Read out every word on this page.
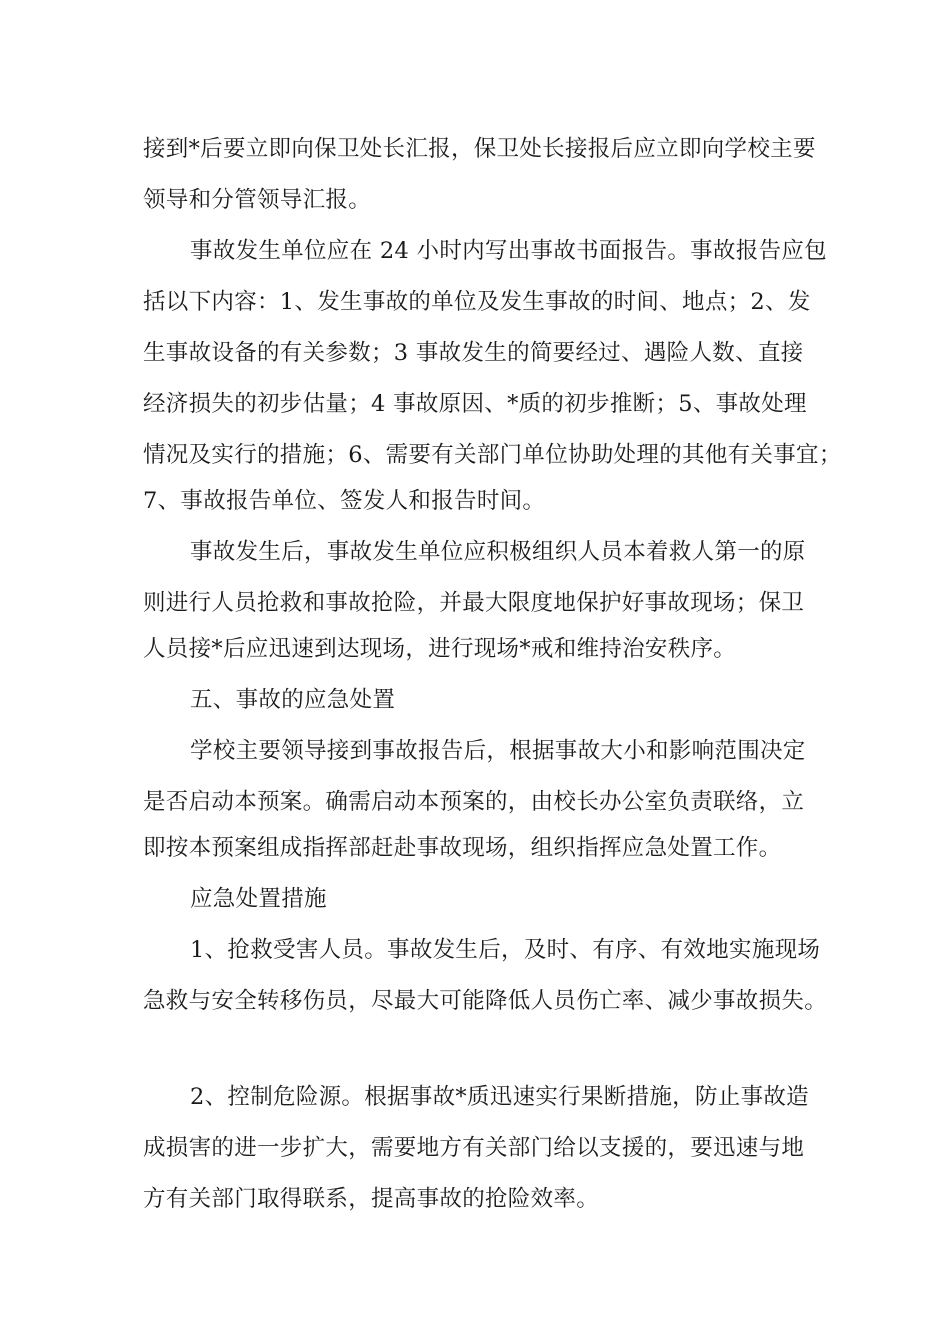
接到*后要立即向保卫处长汇报，保卫处长接报后应立即向学校主要
领导和分管领导汇报。
事故发生单位应在 24 小时内写出事故书面报告。事故报告应包
括以下内容：1、发生事故的单位及发生事故的时间、地点；2、发
生事故设备的有关参数；3 事故发生的简要经过、遇险人数、直接
经济损失的初步估量；4 事故原因、*质的初步推断；5、事故处理
情况及实行的措施；6、需要有关部门单位协助处理的其他有关事宜；
7、事故报告单位、签发人和报告时间。
事故发生后，事故发生单位应积极组织人员本着救人第一的原
则进行人员抢救和事故抢险，并最大限度地保护好事故现场；保卫
人员接*后应迅速到达现场，进行现场*戒和维持治安秩序。
五、事故的应急处置
学校主要领导接到事故报告后，根据事故大小和影响范围决定
是否启动本预案。确需启动本预案的，由校长办公室负责联络，立
即按本预案组成指挥部赶赴事故现场，组织指挥应急处置工作。
应急处置措施
1、抢救受害人员。事故发生后，及时、有序、有效地实施现场
急救与安全转移伤员，尽最大可能降低人员伤亡率、减少事故损失。
2、控制危险源。根据事故*质迅速实行果断措施，防止事故造
成损害的进一步扩大，需要地方有关部门给以支援的，要迅速与地
方有关部门取得联系，提高事故的抢险效率。
